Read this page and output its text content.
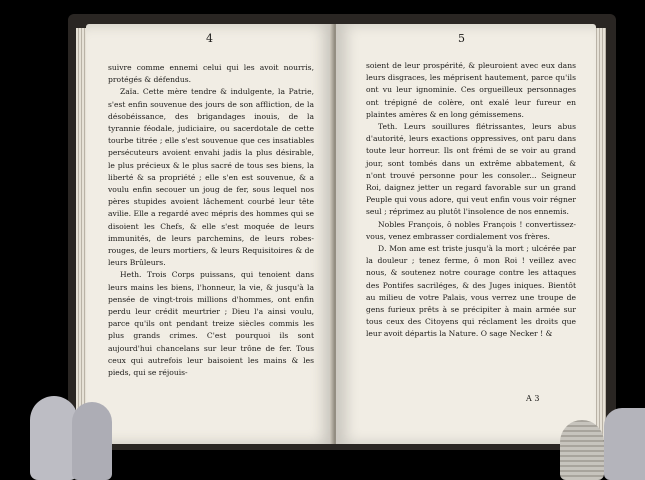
4

suivre comme ennemi celui qui les avoit nourris, protégés & défendus.

Zaïa. Cette mère tendre & indulgente, la Patrie, s'est enfin souvenue des jours de son affliction, de la désobéissance, des brigandages inouis, de la tyrannie féodale, judiciaire, ou sacerdotale de cette tourbe titrée ; elle s'est souvenue que ces insatiables persécuteurs avoient envahi jadis la plus désirable, le plus précieux & le plus sacré de tous ses biens, la liberté & sa propriété ; elle s'en est souvenue, & a voulu enfin secouer un joug de fer, sous lequel nos pères stupides avoient lâchement courbé leur tête avilie. Elle a regardé avec mépris des hommes qui se disoient les Chefs, & elle s'est moquée de leurs immunités, de leurs parchemins, de leurs robes-rouges, de leurs mortiers, & leurs Requisitoires & de leurs Brûleurs.

Heth. Trois Corps puissans, qui tenoient dans leurs mains les biens, l'honneur, la vie, & jusqu'à la pensée de vingt-trois millions d'hommes, ont enfin perdu leur crédit meurtrier ; Dieu l'a ainsi voulu, parce qu'ils ont pendant treize siècles commis les plus grands crimes. C'est pourquoi ils sont aujourd'hui chancelans sur leur trône de fer. Tous ceux qui autrefois leur baisoient les mains & les pieds, qui se réjouis-

5

soient de leur prospérité, & pleuroient avec eux dans leurs disgraces, les méprisent hautement, parce qu'ils ont vu leur ignominie. Ces orgueilleux personnages ont trépigné de colère, ont exalé leur fureur en plaintes amères & en long gémissemens.

Teth. Leurs souillures flétrissantes, leurs abus d'autorité, leurs exactions oppressives, ont paru dans toute leur horreur. Ils ont frémi de se voir au grand jour, sont tombés dans un extrême abbatement, & n'ont trouvé personne pour les consoler... Seigneur Roi, daignez jetter un regard favorable sur un grand Peuple qui vous adore, qui veut enfin vous voir régner seul ; réprimez au plutôt l'insolence de nos ennemis.

Nobles François, ô nobles François ! convertissez-vous, venez embrasser cordialement vos frères.

Ⅾ. Mon ame est triste jusqu'à la mort ; ulcérée par la douleur ; tenez ferme, ô mon Roi ! veillez avec nous, & soutenez notre courage contre les attaques des Pontifes sacriléges, & des Juges iniques. Bientôt au milieu de votre Palais, vous verrez une troupe de gens furieux prêts à se précipiter à main armée sur tous ceux des Citoyens qui réclament les droits que leur avoit départis la Nature. O sage Necker ! &

A 3
